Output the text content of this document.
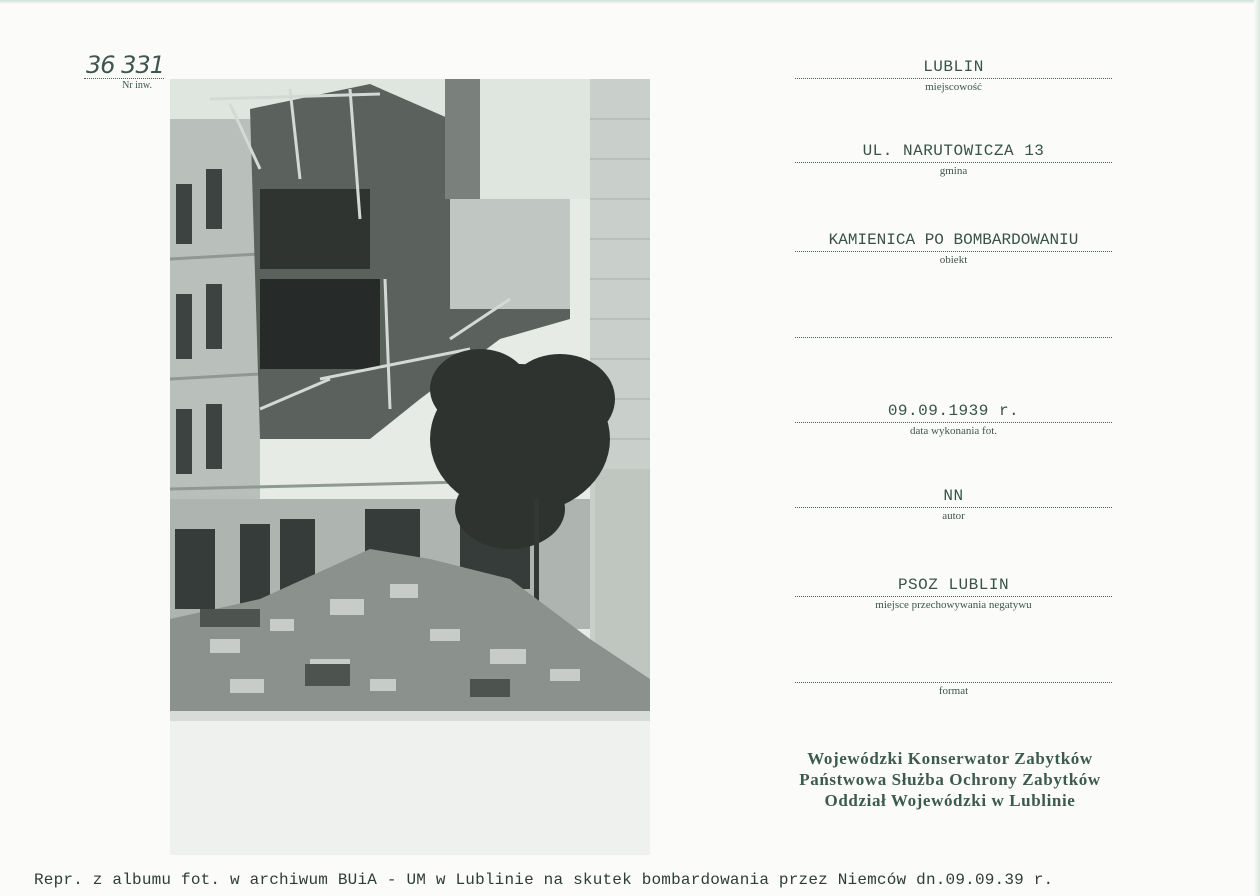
36 331
Nr inw.
LUBLIN
miejscowość
UL. NARUTOWICZA 13
gmina
KAMIENICA PO BOMBARDOWANIU
obiekt
09.09.1939 r.
data wykonania fot.
NN
autor
PSOZ LUBLIN
miejsce przechowywania negatywu
format
Wojewódzki Konserwator Zabytków
Państwowa Służba Ochrony Zabytków
Oddział Wojewódzki w Lublinie
Repr. z albumu fot. w archiwum BUiA - UM w Lublinie na skutek bombardowania przez Niemców dn.09.09.39 r.
